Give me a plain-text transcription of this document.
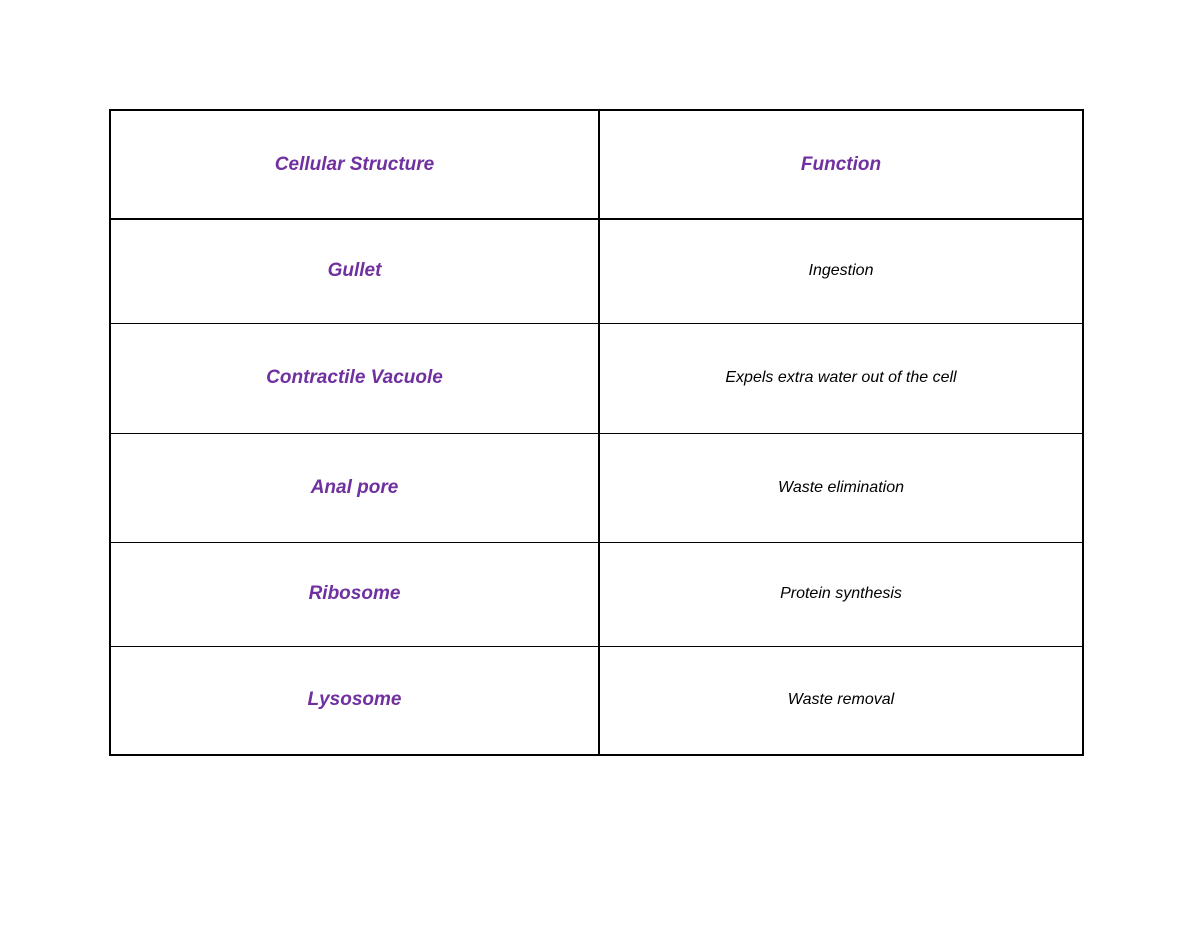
Cellular Structure	Function
Gullet	Ingestion
Contractile Vacuole	Expels extra water out of the cell
Anal pore	Waste elimination
Ribosome	Protein synthesis
Lysosome	Waste removal
